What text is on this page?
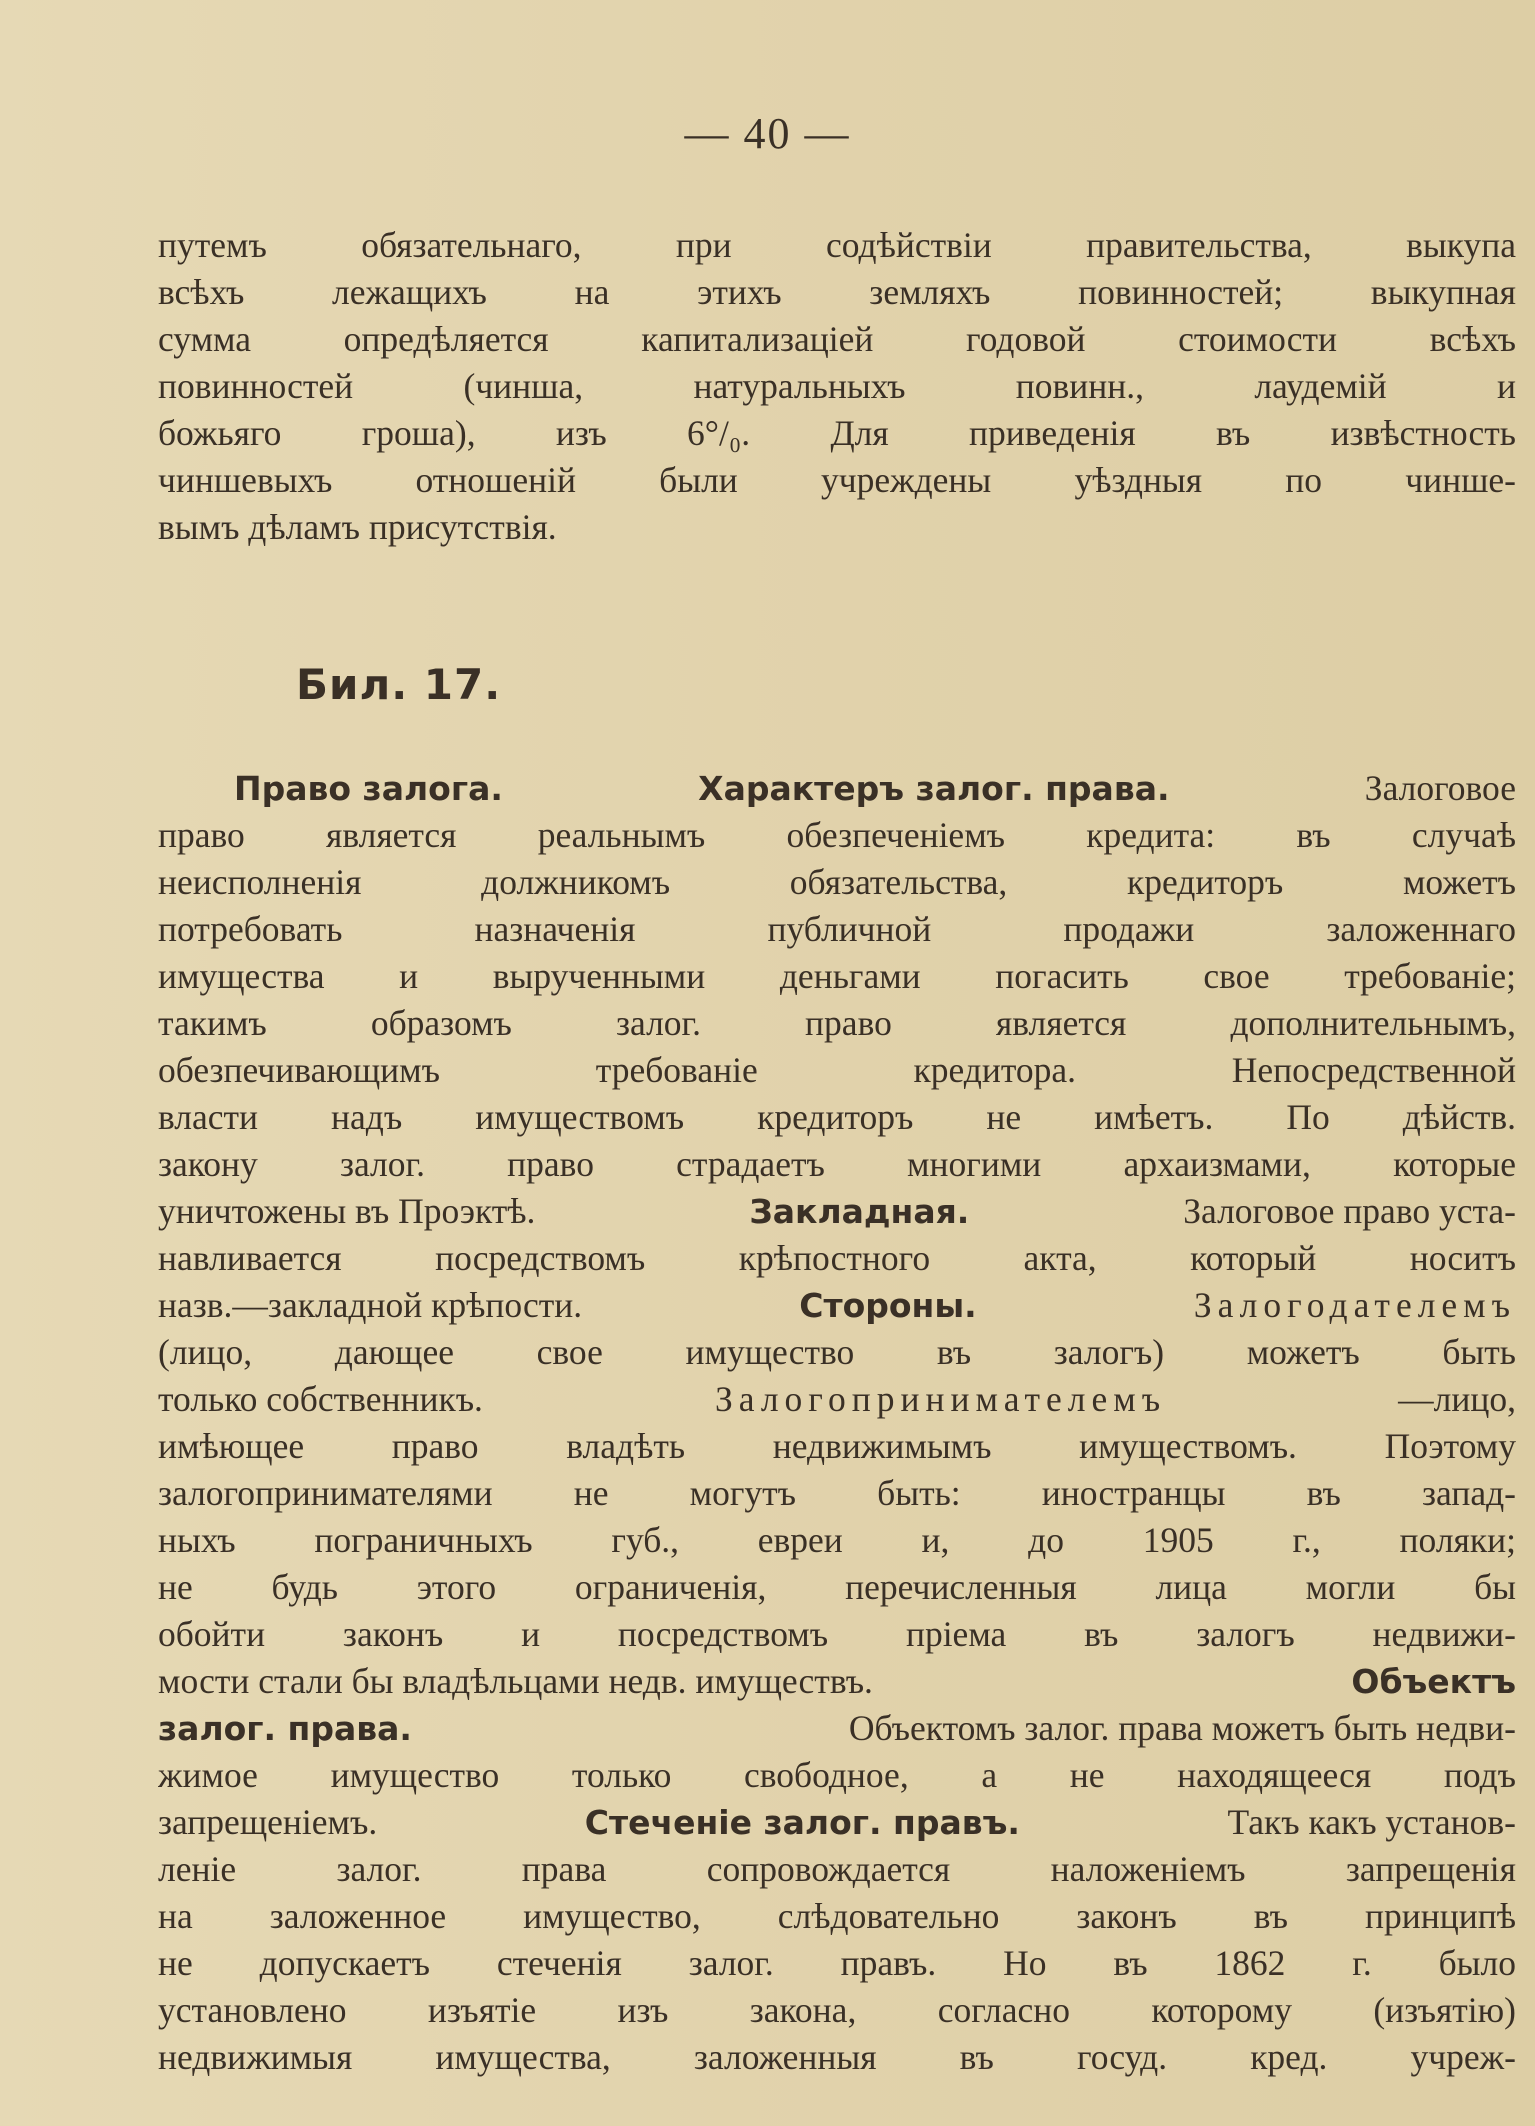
— 40 —
путемъ обязательнаго, при содѣйствіи правительства, выкупа
всѣхъ лежащихъ на этихъ земляхъ повинностей; выкупная
сумма опредѣляется капитализацiей годовой стоимости всѣхъ
повинностей (чинша, натуральныхъ повинн., лаудемій и
божьяго гроша), изъ 6°/₀. Для приведенія въ извѣстность
чиншевыхъ отношеній были учреждены уѣздныя по чинше-
вымъ дѣламъ присутствія.
Бил. 17.
Право залога.	Характеръ залог. права.	Залоговое
право является реальнымъ обезпеченіемъ кредита: въ случаѣ
неисполненія должникомъ обязательства, кредиторъ можетъ
потребовать назначенія публичной продажи заложеннаго
имущества и вырученными деньгами погасить свое требованіе;
такимъ образомъ залог. право является дополнительнымъ,
обезпечивающимъ требованіе кредитора. Непосредственной
власти надъ имуществомъ кредиторъ не имѣетъ. По дѣйств.
закону залог. право страдаетъ многими архаизмами, которые
уничтожены въ Проэктѣ.	Закладная.	Залоговое право уста-
навливается посредствомъ крѣпостного акта, который носитъ
назв.—закладной крѣпости.	Стороны.	Залогодателемъ
(лицо, дающее свое имущество въ залогъ) можетъ быть
только собственникъ.	Залогопринимателемъ	—лицо,
имѣющее право владѣть недвижимымъ имуществомъ. Поэтому
залогопринимателями не могутъ быть: иностранцы въ запад-
ныхъ пограничныхъ губ., евреи и, до 1905 г., поляки;
не будь этого ограниченія, перечисленныя лица могли бы
обойти законъ и посредствомъ пріема въ залогъ недвижи-
мости стали бы владѣльцами недв. имуществъ.	Объектъ
залог. права.	Объектомъ залог. права можетъ быть недви-
жимое имущество только свободное, а не находящееся подъ
запрещеніемъ.	Стеченіе залог. правъ.	Такъ какъ установ-
леніе залог. права сопровождается наложеніемъ запрещенія
на заложенное имущество, слѣдовательно законъ въ принципѣ
не допускаетъ стеченія залог. правъ. Но въ 1862 г. было
установлено изъятіе изъ закона, согласно которому (изъятію)
недвижимыя имущества, заложенныя въ госуд. кред. учреж-
